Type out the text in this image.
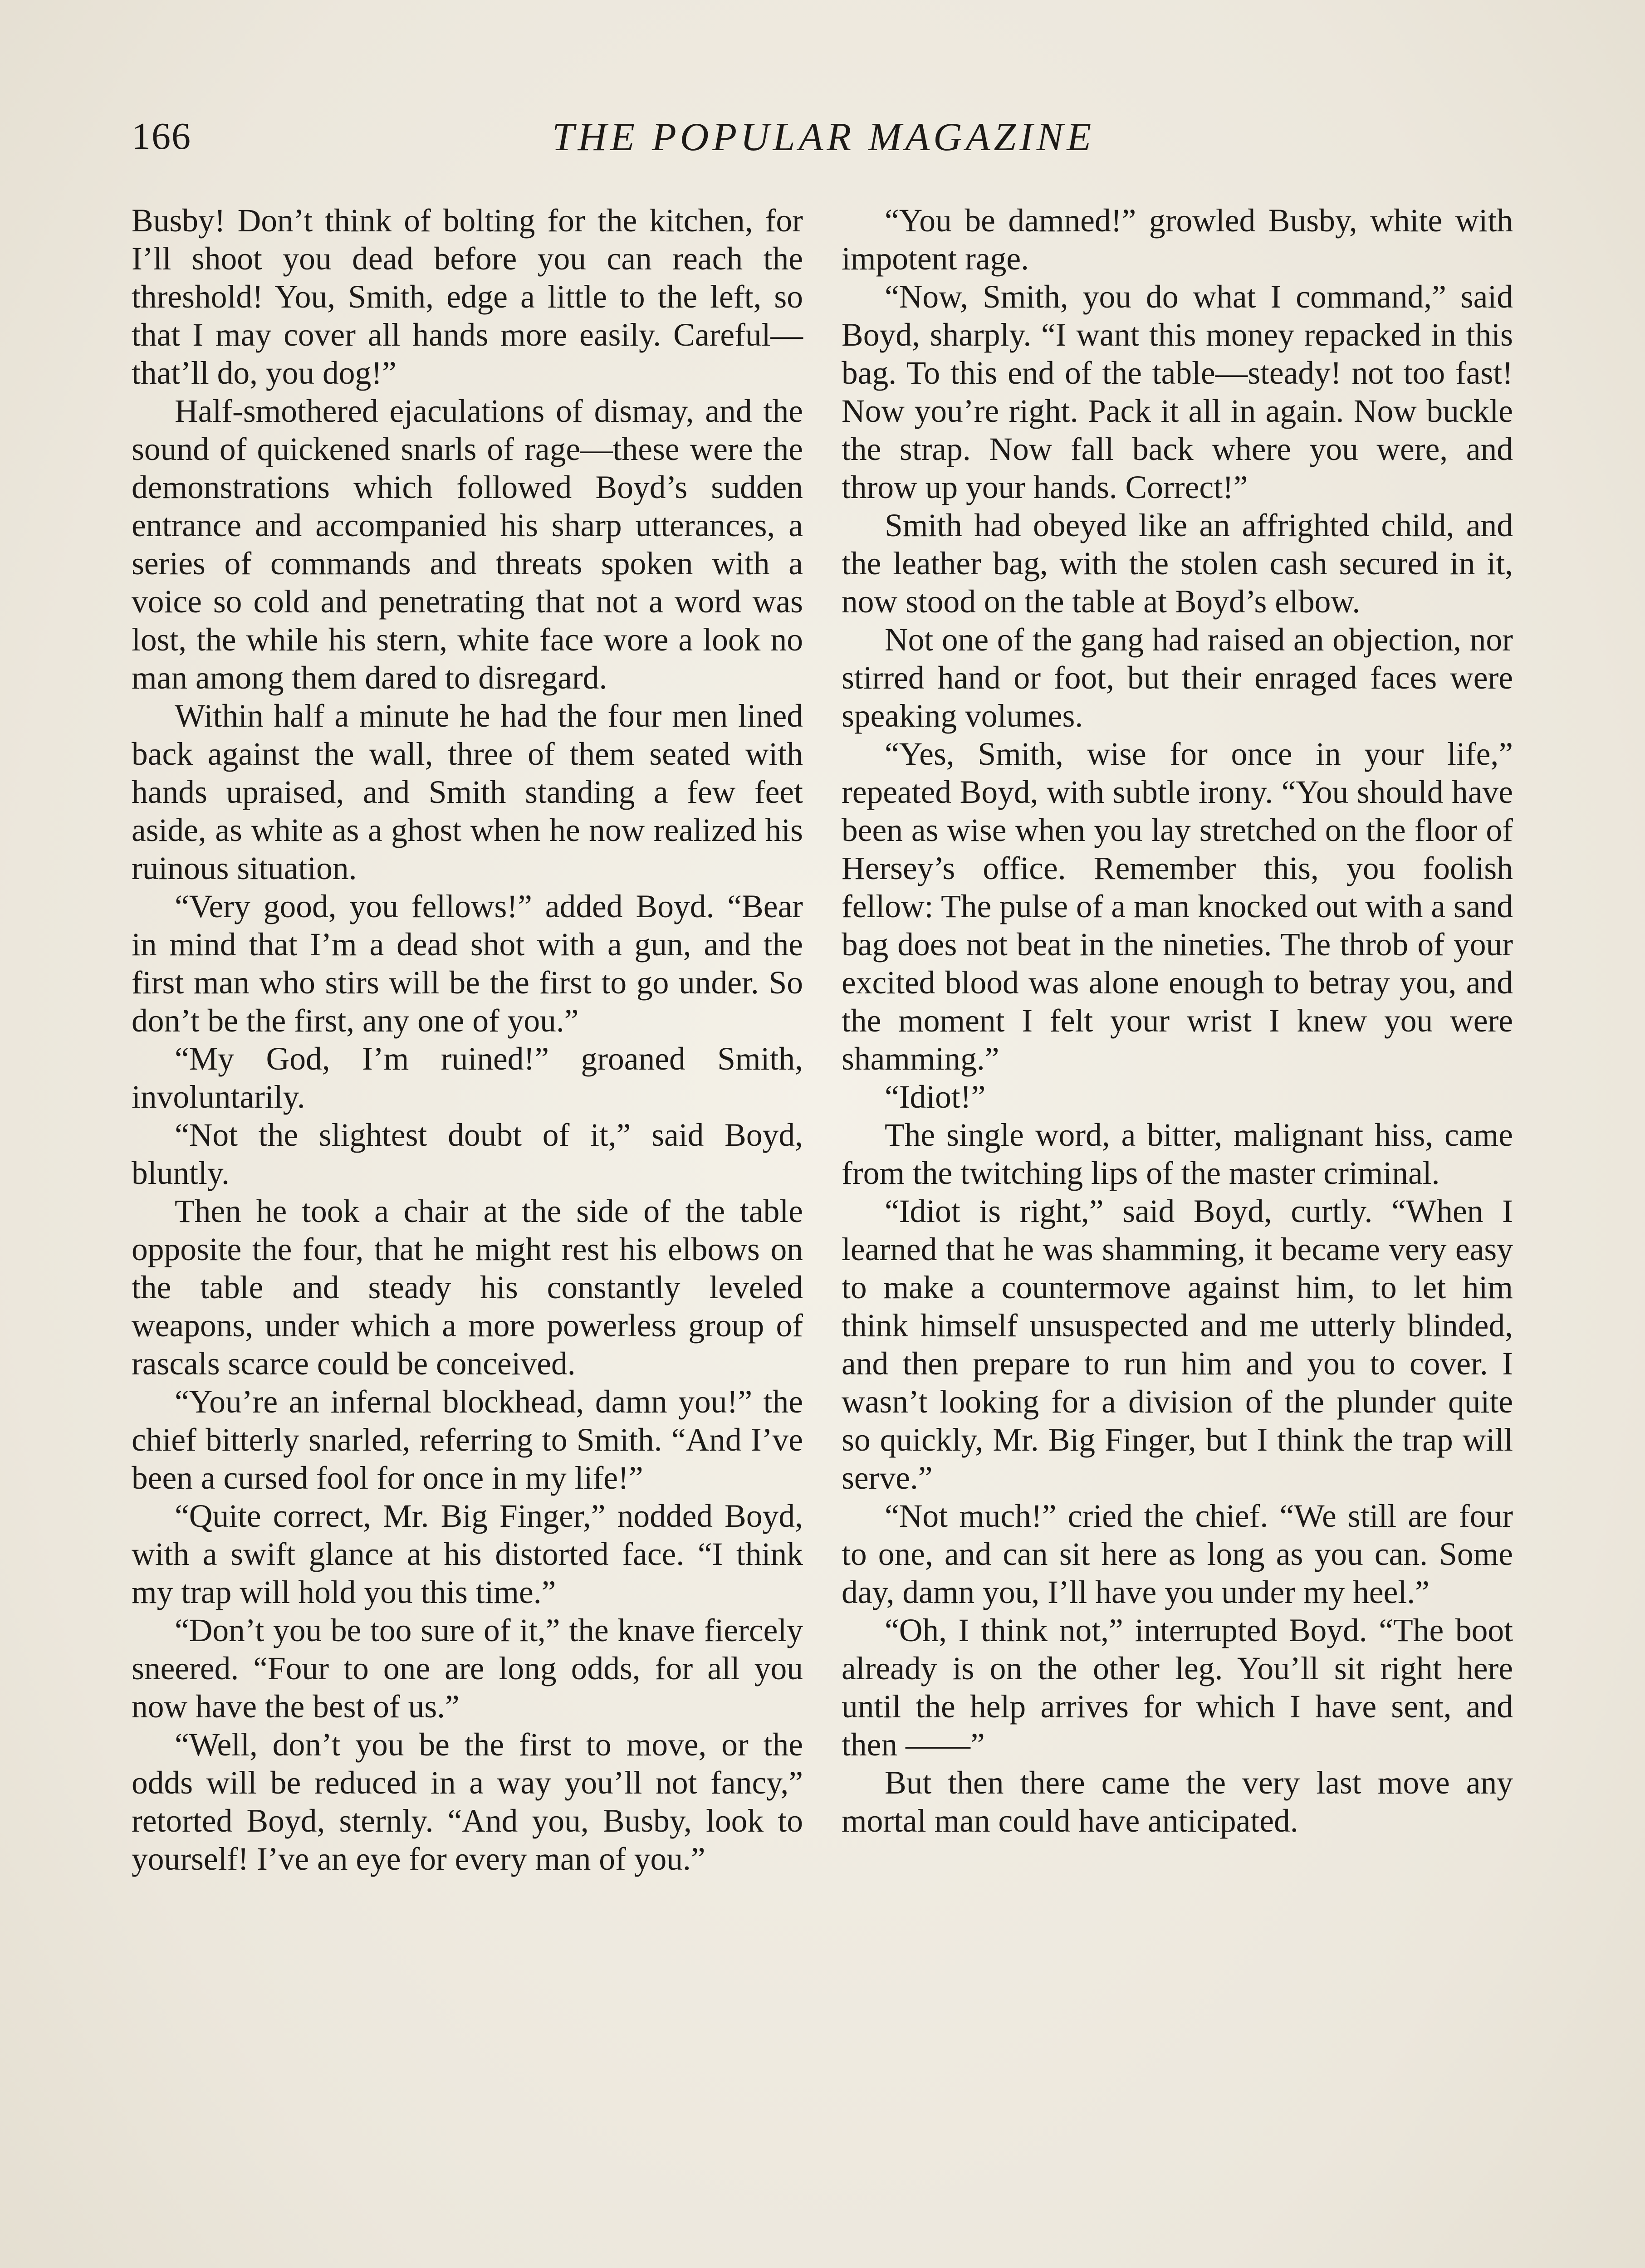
166	THE POPULAR MAGAZINE

Busby! Don’t think of bolting for the kitchen, for I’ll shoot you dead before you can reach the threshold! You, Smith, edge a little to the left, so that I may cover all hands more easily. Careful—that’ll do, you dog!”

Half-smothered ejaculations of dismay, and the sound of quickened snarls of rage—these were the demonstrations which followed Boyd’s sudden entrance and accompanied his sharp utterances, a series of commands and threats spoken with a voice so cold and penetrating that not a word was lost, the while his stern, white face wore a look no man among them dared to disregard.

Within half a minute he had the four men lined back against the wall, three of them seated with hands upraised, and Smith standing a few feet aside, as white as a ghost when he now realized his ruinous situation.

“Very good, you fellows!” added Boyd. “Bear in mind that I’m a dead shot with a gun, and the first man who stirs will be the first to go under. So don’t be the first, any one of you.”

“My God, I’m ruined!” groaned Smith, involuntarily.

“Not the slightest doubt of it,” said Boyd, bluntly.

Then he took a chair at the side of the table opposite the four, that he might rest his elbows on the table and steady his constantly leveled weapons, under which a more powerless group of rascals scarce could be conceived.

“You’re an infernal blockhead, damn you!” the chief bitterly snarled, referring to Smith. “And I’ve been a cursed fool for once in my life!”

“Quite correct, Mr. Big Finger,” nodded Boyd, with a swift glance at his distorted face. “I think my trap will hold you this time.”

“Don’t you be too sure of it,” the knave fiercely sneered. “Four to one are long odds, for all you now have the best of us.”

“Well, don’t you be the first to move, or the odds will be reduced in a way you’ll not fancy,” retorted Boyd, sternly. “And you, Busby, look to yourself! I’ve an eye for every man of you.”

“You be damned!” growled Busby, white with impotent rage.

“Now, Smith, you do what I command,” said Boyd, sharply. “I want this money repacked in this bag. To this end of the table—steady! not too fast! Now you’re right. Pack it all in again. Now buckle the strap. Now fall back where you were, and throw up your hands. Correct!”

Smith had obeyed like an affrighted child, and the leather bag, with the stolen cash secured in it, now stood on the table at Boyd’s elbow.

Not one of the gang had raised an objection, nor stirred hand or foot, but their enraged faces were speaking volumes.

“Yes, Smith, wise for once in your life,” repeated Boyd, with subtle irony. “You should have been as wise when you lay stretched on the floor of Hersey’s office. Remember this, you foolish fellow: The pulse of a man knocked out with a sand bag does not beat in the nineties. The throb of your excited blood was alone enough to betray you, and the moment I felt your wrist I knew you were shamming.”

“Idiot!”

The single word, a bitter, malignant hiss, came from the twitching lips of the master criminal.

“Idiot is right,” said Boyd, curtly. “When I learned that he was shamming, it became very easy to make a countermove against him, to let him think himself unsuspected and me utterly blinded, and then prepare to run him and you to cover. I wasn’t looking for a division of the plunder quite so quickly, Mr. Big Finger, but I think the trap will serve.”

“Not much!” cried the chief. “We still are four to one, and can sit here as long as you can. Some day, damn you, I’ll have you under my heel.”

“Oh, I think not,” interrupted Boyd. “The boot already is on the other leg. You’ll sit right here until the help arrives for which I have sent, and then ——”

But then there came the very last move any mortal man could have anticipated.
